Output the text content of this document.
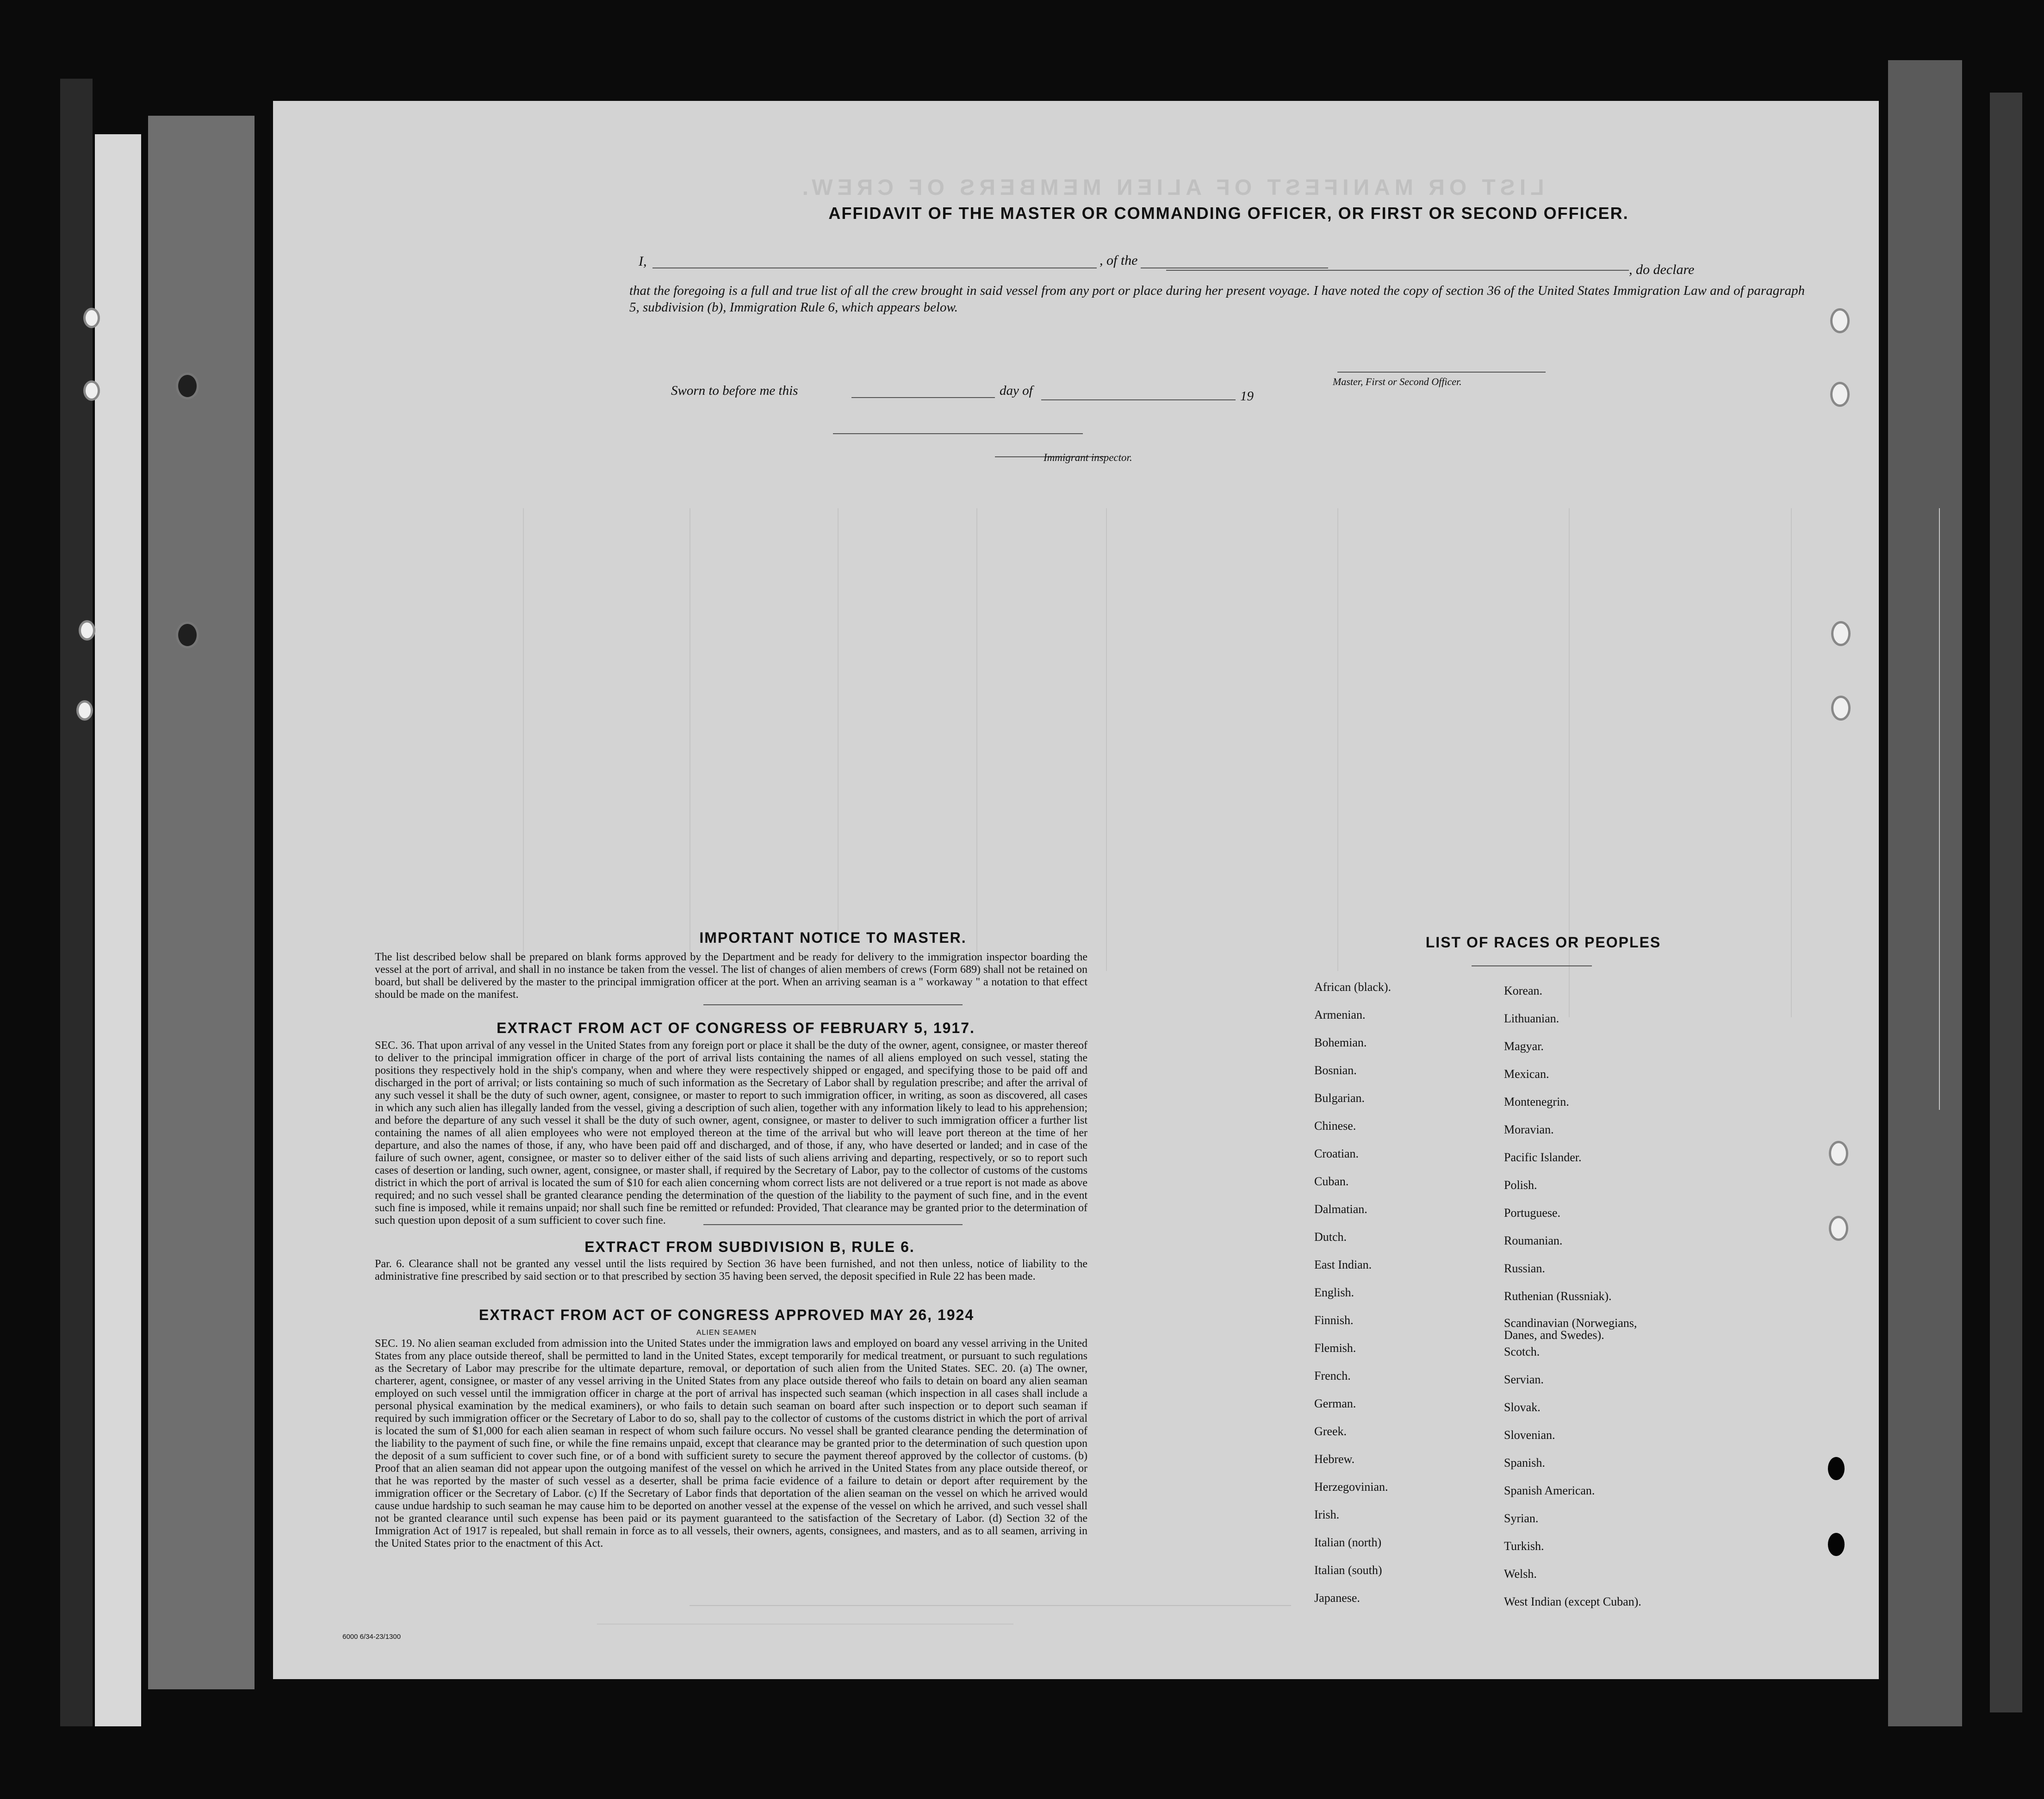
LIST OR MANIFEST OF ALIEN MEMBERS OF CREW.
AFFIDAVIT OF THE MASTER OR COMMANDING OFFICER, OR FIRST OR SECOND OFFICER.
I,	, of the
, do declare
that the foregoing is a full and true list of all the crew brought in said vessel from any port or place during her present voyage. I have noted the copy of section 36 of the United States Immigration Law and of paragraph 5, subdivision (b), Immigration Rule 6, which appears below.
Sworn to before me this	day of	19
Master, First or Second Officer.
Immigrant inspector.
IMPORTANT NOTICE TO MASTER.
The list described below shall be prepared on blank forms approved by the Department and be ready for delivery to the immigration inspector boarding the vessel at the port of arrival, and shall in no instance be taken from the vessel. The list of changes of alien members of crews (Form 689) shall not be retained on board, but shall be delivered by the master to the principal immigration officer at the port. When an arriving seaman is a " workaway " a notation to that effect should be made on the manifest.
EXTRACT FROM ACT OF CONGRESS OF FEBRUARY 5, 1917.
SEC. 36. That upon arrival of any vessel in the United States from any foreign port or place it shall be the duty of the owner, agent, consignee, or master thereof to deliver to the principal immigration officer in charge of the port of arrival lists containing the names of all aliens employed on such vessel, stating the positions they respectively hold in the ship's company, when and where they were respectively shipped or engaged, and specifying those to be paid off and discharged in the port of arrival; or lists containing so much of such information as the Secretary of Labor shall by regulation prescribe; and after the arrival of any such vessel it shall be the duty of such owner, agent, consignee, or master to report to such immigration officer, in writing, as soon as discovered, all cases in which any such alien has illegally landed from the vessel, giving a description of such alien, together with any information likely to lead to his apprehension; and before the departure of any such vessel it shall be the duty of such owner, agent, consignee, or master to deliver to such immigration officer a further list containing the names of all alien employees who were not employed thereon at the time of the arrival but who will leave port thereon at the time of her departure, and also the names of those, if any, who have been paid off and discharged, and of those, if any, who have deserted or landed; and in case of the failure of such owner, agent, consignee, or master so to deliver either of the said lists of such aliens arriving and departing, respectively, or so to report such cases of desertion or landing, such owner, agent, consignee, or master shall, if required by the Secretary of Labor, pay to the collector of customs of the customs district in which the port of arrival is located the sum of $10 for each alien concerning whom correct lists are not delivered or a true report is not made as above required; and no such vessel shall be granted clearance pending the determination of the question of the liability to the payment of such fine, and in the event such fine is imposed, while it remains unpaid; nor shall such fine be remitted or refunded: Provided, That clearance may be granted prior to the determination of such question upon deposit of a sum sufficient to cover such fine.
EXTRACT FROM SUBDIVISION B, RULE 6.
Par. 6. Clearance shall not be granted any vessel until the lists required by Section 36 have been furnished, and not then unless, notice of liability to the administrative fine prescribed by said section or to that prescribed by section 35 having been served, the deposit specified in Rule 22 has been made.
EXTRACT FROM ACT OF CONGRESS APPROVED MAY 26, 1924
ALIEN SEAMEN
SEC. 19. No alien seaman excluded from admission into the United States under the immigration laws and employed on board any vessel arriving in the United States from any place outside thereof, shall be permitted to land in the United States, except temporarily for medical treatment, or pursuant to such regulations as the Secretary of Labor may prescribe for the ultimate departure, removal, or deportation of such alien from the United States. SEC. 20. (a) The owner, charterer, agent, consignee, or master of any vessel arriving in the United States from any place outside thereof who fails to detain on board any alien seaman employed on such vessel until the immigration officer in charge at the port of arrival has inspected such seaman (which inspection in all cases shall include a personal physical examination by the medical examiners), or who fails to detain such seaman on board after such inspection or to deport such seaman if required by such immigration officer or the Secretary of Labor to do so, shall pay to the collector of customs of the customs district in which the port of arrival is located the sum of $1,000 for each alien seaman in respect of whom such failure occurs. No vessel shall be granted clearance pending the determination of the liability to the payment of such fine, or while the fine remains unpaid, except that clearance may be granted prior to the determination of such question upon the deposit of a sum sufficient to cover such fine, or of a bond with sufficient surety to secure the payment thereof approved by the collector of customs. (b) Proof that an alien seaman did not appear upon the outgoing manifest of the vessel on which he arrived in the United States from any place outside thereof, or that he was reported by the master of such vessel as a deserter, shall be prima facie evidence of a failure to detain or deport after requirement by the immigration officer or the Secretary of Labor. (c) If the Secretary of Labor finds that deportation of the alien seaman on the vessel on which he arrived would cause undue hardship to such seaman he may cause him to be deported on another vessel at the expense of the vessel on which he arrived, and such vessel shall not be granted clearance until such expense has been paid or its payment guaranteed to the satisfaction of the Secretary of Labor. (d) Section 32 of the Immigration Act of 1917 is repealed, but shall remain in force as to all vessels, their owners, agents, consignees, and masters, and as to all seamen, arriving in the United States prior to the enactment of this Act.
LIST OF RACES OR PEOPLES
African (black).
Armenian.
Bohemian.
Bosnian.
Bulgarian.
Chinese.
Croatian.
Cuban.
Dalmatian.
Dutch.
East Indian.
English.
Finnish.
Flemish.
French.
German.
Greek.
Hebrew.
Herzegovinian.
Irish.
Italian (north)
Italian (south)
Japanese.
Korean.
Lithuanian.
Magyar.
Mexican.
Montenegrin.
Moravian.
Pacific Islander.
Polish.
Portuguese.
Roumanian.
Russian.
Ruthenian (Russniak).
Scandinavian (Norwegians, Danes, and Swedes).
Scotch.
Servian.
Slovak.
Slovenian.
Spanish.
Spanish American.
Syrian.
Turkish.
Welsh.
West Indian (except Cuban).
6000 6/34-23/1300
